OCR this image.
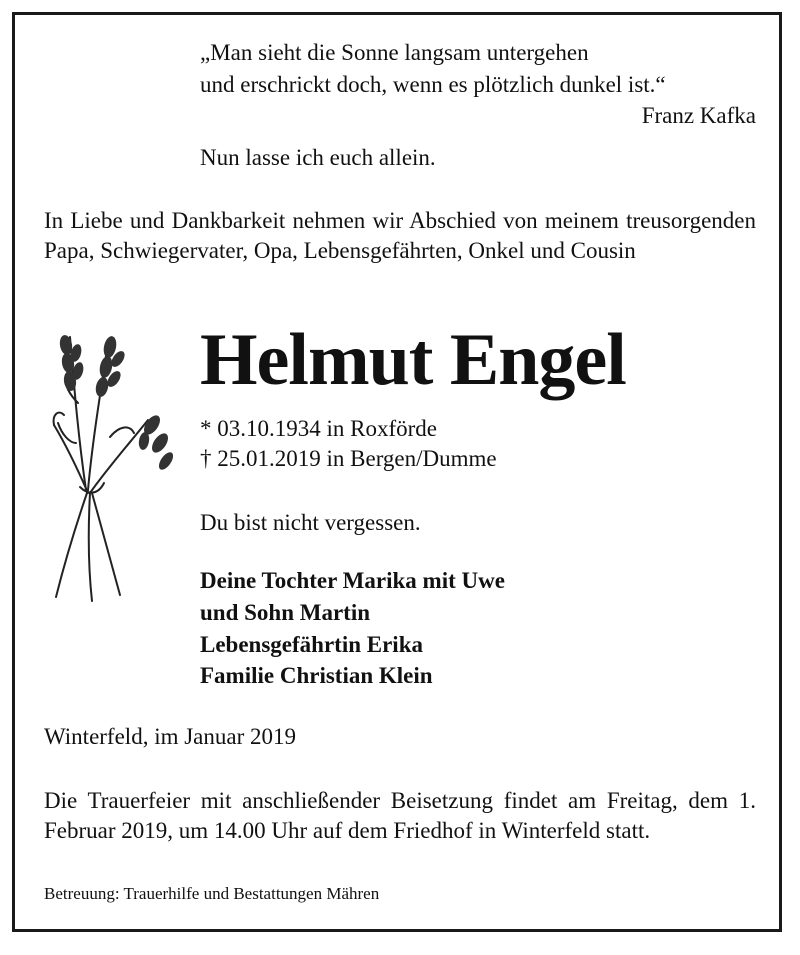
„Man sieht die Sonne langsam untergehen
und erschrickt doch, wenn es plötzlich dunkel ist.“
Franz Kafka
Nun lasse ich euch allein.
In Liebe und Dankbarkeit nehmen wir Abschied von meinem treusorgenden Papa, Schwiegervater, Opa, Lebensgefährten, Onkel und Cousin
Helmut Engel
* 03.10.1934 in Roxförde
† 25.01.2019 in Bergen/Dumme
Du bist nicht vergessen.
Deine Tochter Marika mit Uwe
und Sohn Martin
Lebensgefährtin Erika
Familie Christian Klein
Winterfeld, im Januar 2019
Die Trauerfeier mit anschließender Beisetzung findet am Freitag, dem 1. Februar 2019, um 14.00 Uhr auf dem Friedhof in Winterfeld statt.
Betreuung: Trauerhilfe und Bestattungen Mähren
